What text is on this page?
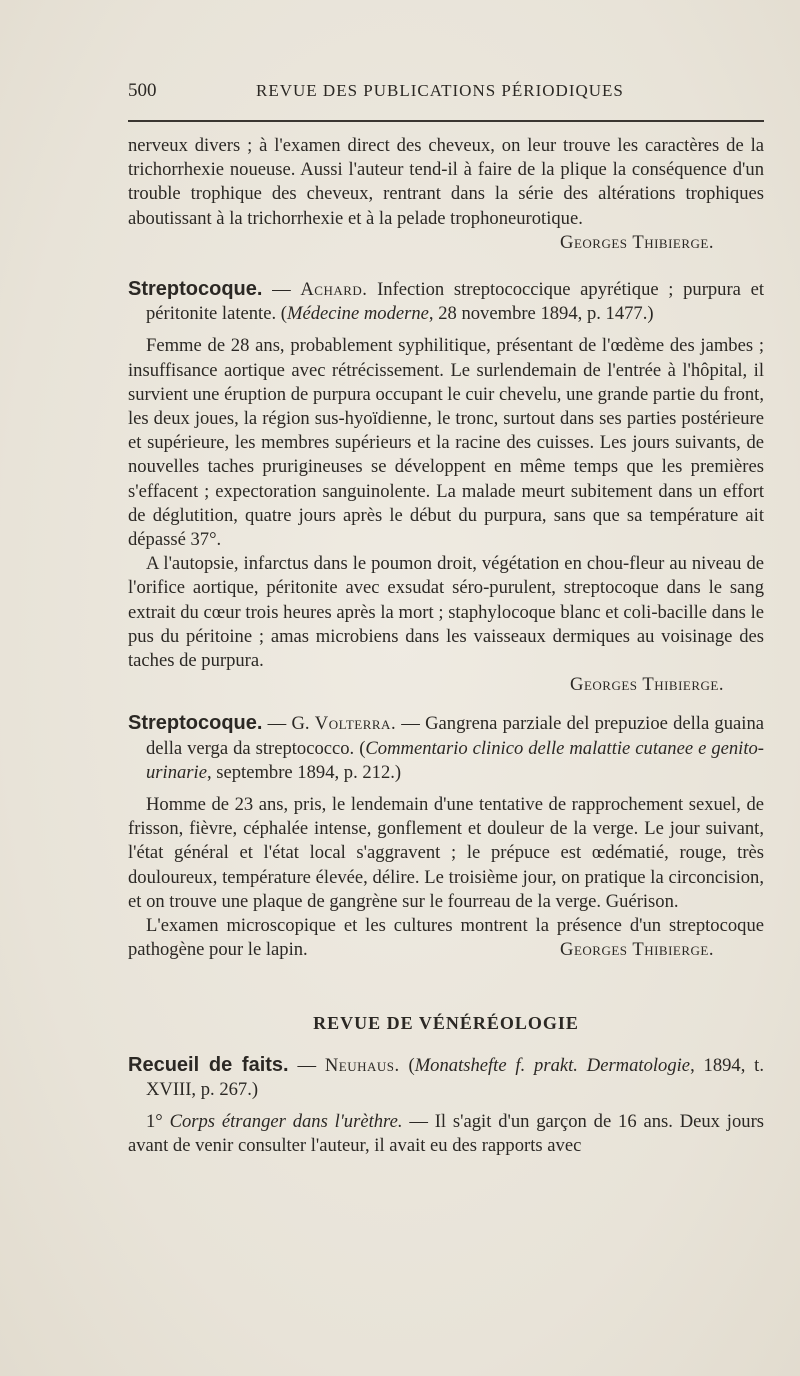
500	REVUE DES PUBLICATIONS PÉRIODIQUES

nerveux divers ; à l'examen direct des cheveux, on leur trouve les caractères de la trichorrhexie noueuse. Aussi l'auteur tend-il à faire de la plique la conséquence d'un trouble trophique des cheveux, rentrant dans la série des altérations trophiques aboutissant à la trichorrhexie et à la pelade trophoneurotique.
Georges Thibierge.

Streptocoque. — Achard. Infection streptococcique apyrétique ; purpura et péritonite latente. (Médecine moderne, 28 novembre 1894, p. 1477.)

Femme de 28 ans, probablement syphilitique, présentant de l'œdème des jambes ; insuffisance aortique avec rétrécissement. Le surlendemain de l'entrée à l'hôpital, il survient une éruption de purpura occupant le cuir chevelu, une grande partie du front, les deux joues, la région sus-hyoïdienne, le tronc, surtout dans ses parties postérieure et supérieure, les membres supérieurs et la racine des cuisses. Les jours suivants, de nouvelles taches prurigineuses se développent en même temps que les premières s'effacent ; expectoration sanguinolente. La malade meurt subitement dans un effort de déglutition, quatre jours après le début du purpura, sans que sa température ait dépassé 37°.

A l'autopsie, infarctus dans le poumon droit, végétation en chou-fleur au niveau de l'orifice aortique, péritonite avec exsudat séro-purulent, streptocoque dans le sang extrait du cœur trois heures après la mort ; staphylocoque blanc et coli-bacille dans le pus du péritoine ; amas microbiens dans les vaisseaux dermiques au voisinage des taches de purpura.

Georges Thibierge.

Streptocoque. — G. Volterra. — Gangrena parziale del prepuzioe della guaina della verga da streptococco. (Commentario clinico delle malattie cutanee e genito-urinarie, septembre 1894, p. 212.)

Homme de 23 ans, pris, le lendemain d'une tentative de rapprochement sexuel, de frisson, fièvre, céphalée intense, gonflement et douleur de la verge. Le jour suivant, l'état général et l'état local s'aggravent ; le prépuce est œdématié, rouge, très douloureux, température élevée, délire. Le troisième jour, on pratique la circoncision, et on trouve une plaque de gangrène sur le fourreau de la verge. Guérison.

L'examen microscopique et les cultures montrent la présence d'un streptocoque pathogène pour le lapin.	Georges Thibierge.

REVUE DE VÉNÉRÉOLOGIE

Recueil de faits. — Neuhaus. (Monatshefte f. prakt. Dermatologie, 1894, t. XVIII, p. 267.)

1° Corps étranger dans l'urèthre. — Il s'agit d'un garçon de 16 ans. Deux jours avant de venir consulter l'auteur, il avait eu des rapports avec
